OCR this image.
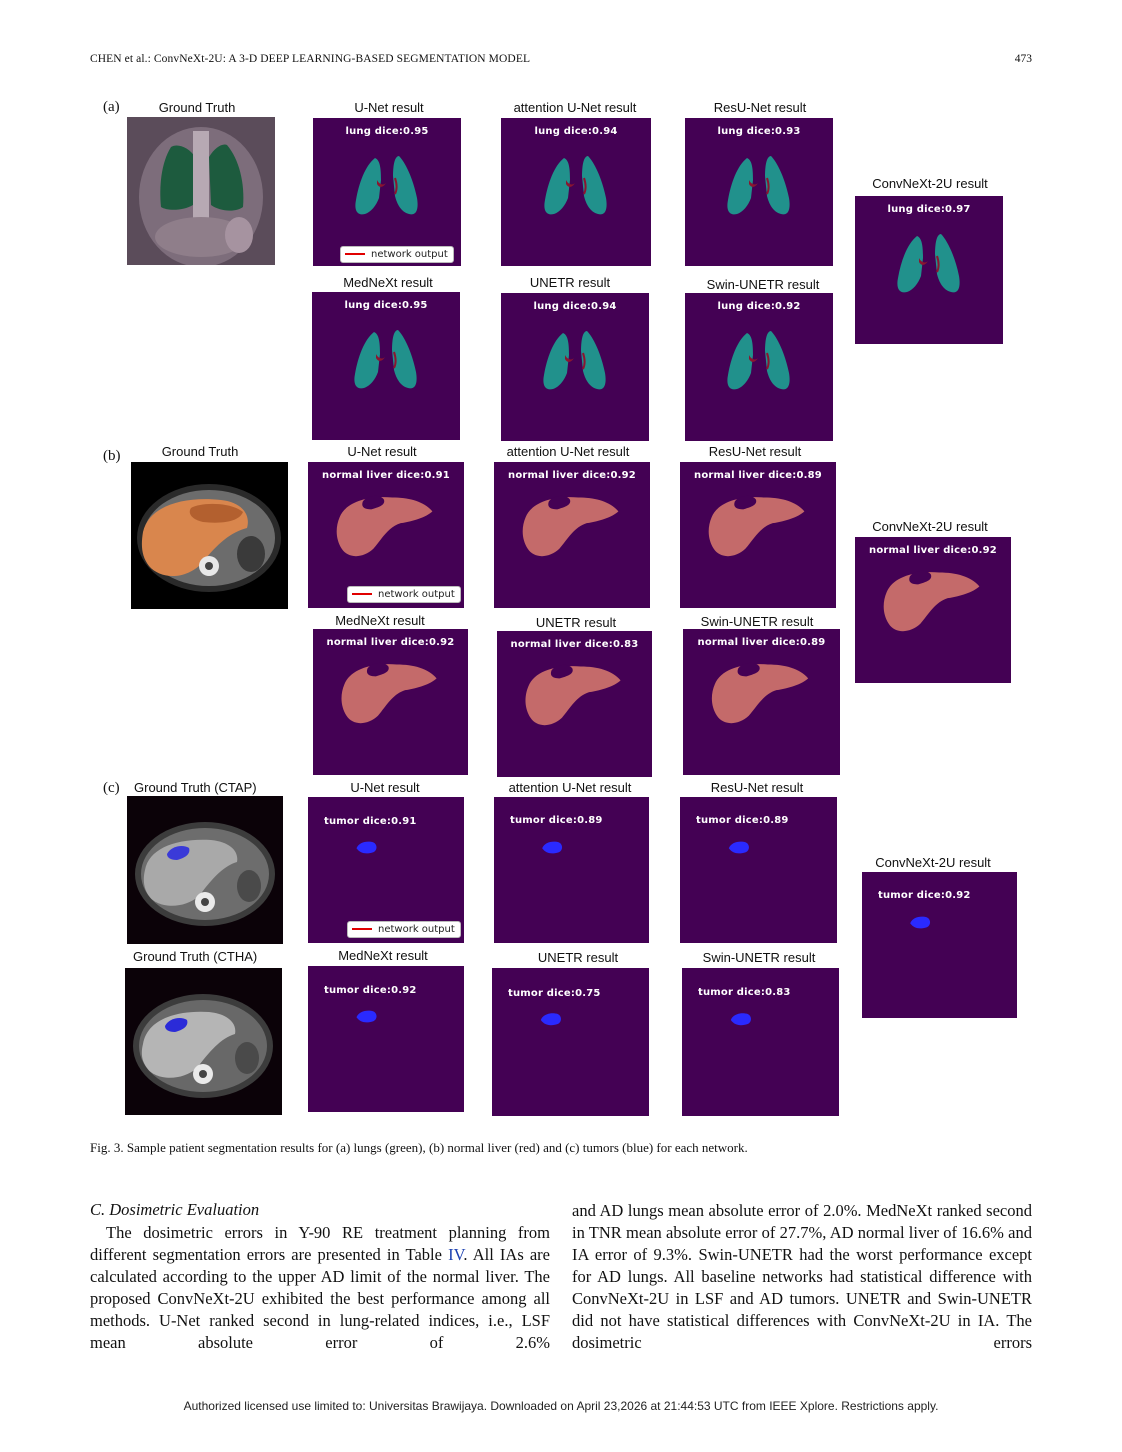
CHEN et al.: ConvNeXt-2U: A 3-D DEEP LEARNING-BASED SEGMENTATION MODEL	473
(a)	Ground Truth	U-Net result
lung dice:0.95
network output
attention U-Net result
lung dice:0.94
ResU-Net result
lung dice:0.93
ConvNeXt-2U result
lung dice:0.97
MedNeXt result
lung dice:0.95
UNETR result
lung dice:0.94
Swin-UNETR result
lung dice:0.92
(b)	Ground Truth	U-Net result
normal liver dice:0.91
network output
attention U-Net result
normal liver dice:0.92
ResU-Net result
normal liver dice:0.89
ConvNeXt-2U result
normal liver dice:0.92
MedNeXt result
normal liver dice:0.92
UNETR result
normal liver dice:0.83
Swin-UNETR result
normal liver dice:0.89
(c) Ground Truth (CTAP)	U-Net result
tumor dice:0.91
network output
attention U-Net result
tumor dice:0.89
ResU-Net result
tumor dice:0.89
ConvNeXt-2U result
tumor dice:0.92
Ground Truth (CTHA)	MedNeXt result
tumor dice:0.92
UNETR result
tumor dice:0.75
Swin-UNETR result
tumor dice:0.83
Fig. 3. Sample patient segmentation results for (a) lungs (green), (b) normal liver (red) and (c) tumors (blue) for each network.
C. Dosimetric Evaluation

The dosimetric errors in Y-90 RE treatment planning from different segmentation errors are presented in Table IV. All IAs are calculated according to the upper AD limit of the normal liver. The proposed ConvNeXt-2U exhibited the best performance among all methods. U-Net ranked second in lung-related indices, i.e., LSF mean absolute error of 2.6%

and AD lungs mean absolute error of 2.0%. MedNeXt ranked second in TNR mean absolute error of 27.7%, AD normal liver of 16.6% and IA error of 9.3%. Swin-UNETR had the worst performance except for AD lungs. All baseline networks had statistical difference with ConvNeXt-2U in LSF and AD tumors. UNETR and Swin-UNETR did not have statistical differences with ConvNeXt-2U in IA. The dosimetric errors

Authorized licensed use limited to: Universitas Brawijaya. Downloaded on April 23,2026 at 21:44:53 UTC from IEEE Xplore. Restrictions apply.
